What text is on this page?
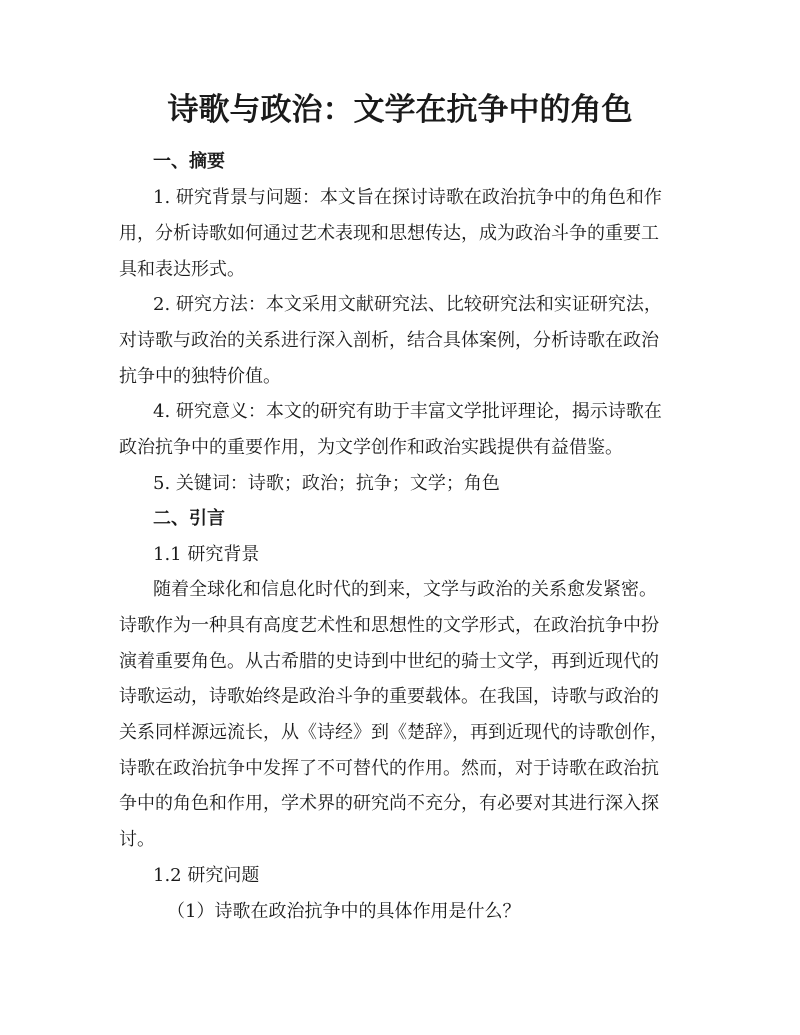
诗歌与政治：文学在抗争中的角色
一、摘要
1. 研究背景与问题：本文旨在探讨诗歌在政治抗争中的角色和作
用，分析诗歌如何通过艺术表现和思想传达，成为政治斗争的重要工
具和表达形式。
2. 研究方法：本文采用文献研究法、比较研究法和实证研究法，
对诗歌与政治的关系进行深入剖析，结合具体案例，分析诗歌在政治
抗争中的独特价值。
4. 研究意义：本文的研究有助于丰富文学批评理论，揭示诗歌在
政治抗争中的重要作用，为文学创作和政治实践提供有益借鉴。
5. 关键词：诗歌；政治；抗争；文学；角色
二、引言
1.1 研究背景
随着全球化和信息化时代的到来，文学与政治的关系愈发紧密。
诗歌作为一种具有高度艺术性和思想性的文学形式，在政治抗争中扮
演着重要角色。从古希腊的史诗到中世纪的骑士文学，再到近现代的
诗歌运动，诗歌始终是政治斗争的重要载体。在我国，诗歌与政治的
关系同样源远流长，从《诗经》到《楚辞》，再到近现代的诗歌创作，
诗歌在政治抗争中发挥了不可替代的作用。然而，对于诗歌在政治抗
争中的角色和作用，学术界的研究尚不充分，有必要对其进行深入探
讨。
1.2 研究问题
（1）诗歌在政治抗争中的具体作用是什么？
